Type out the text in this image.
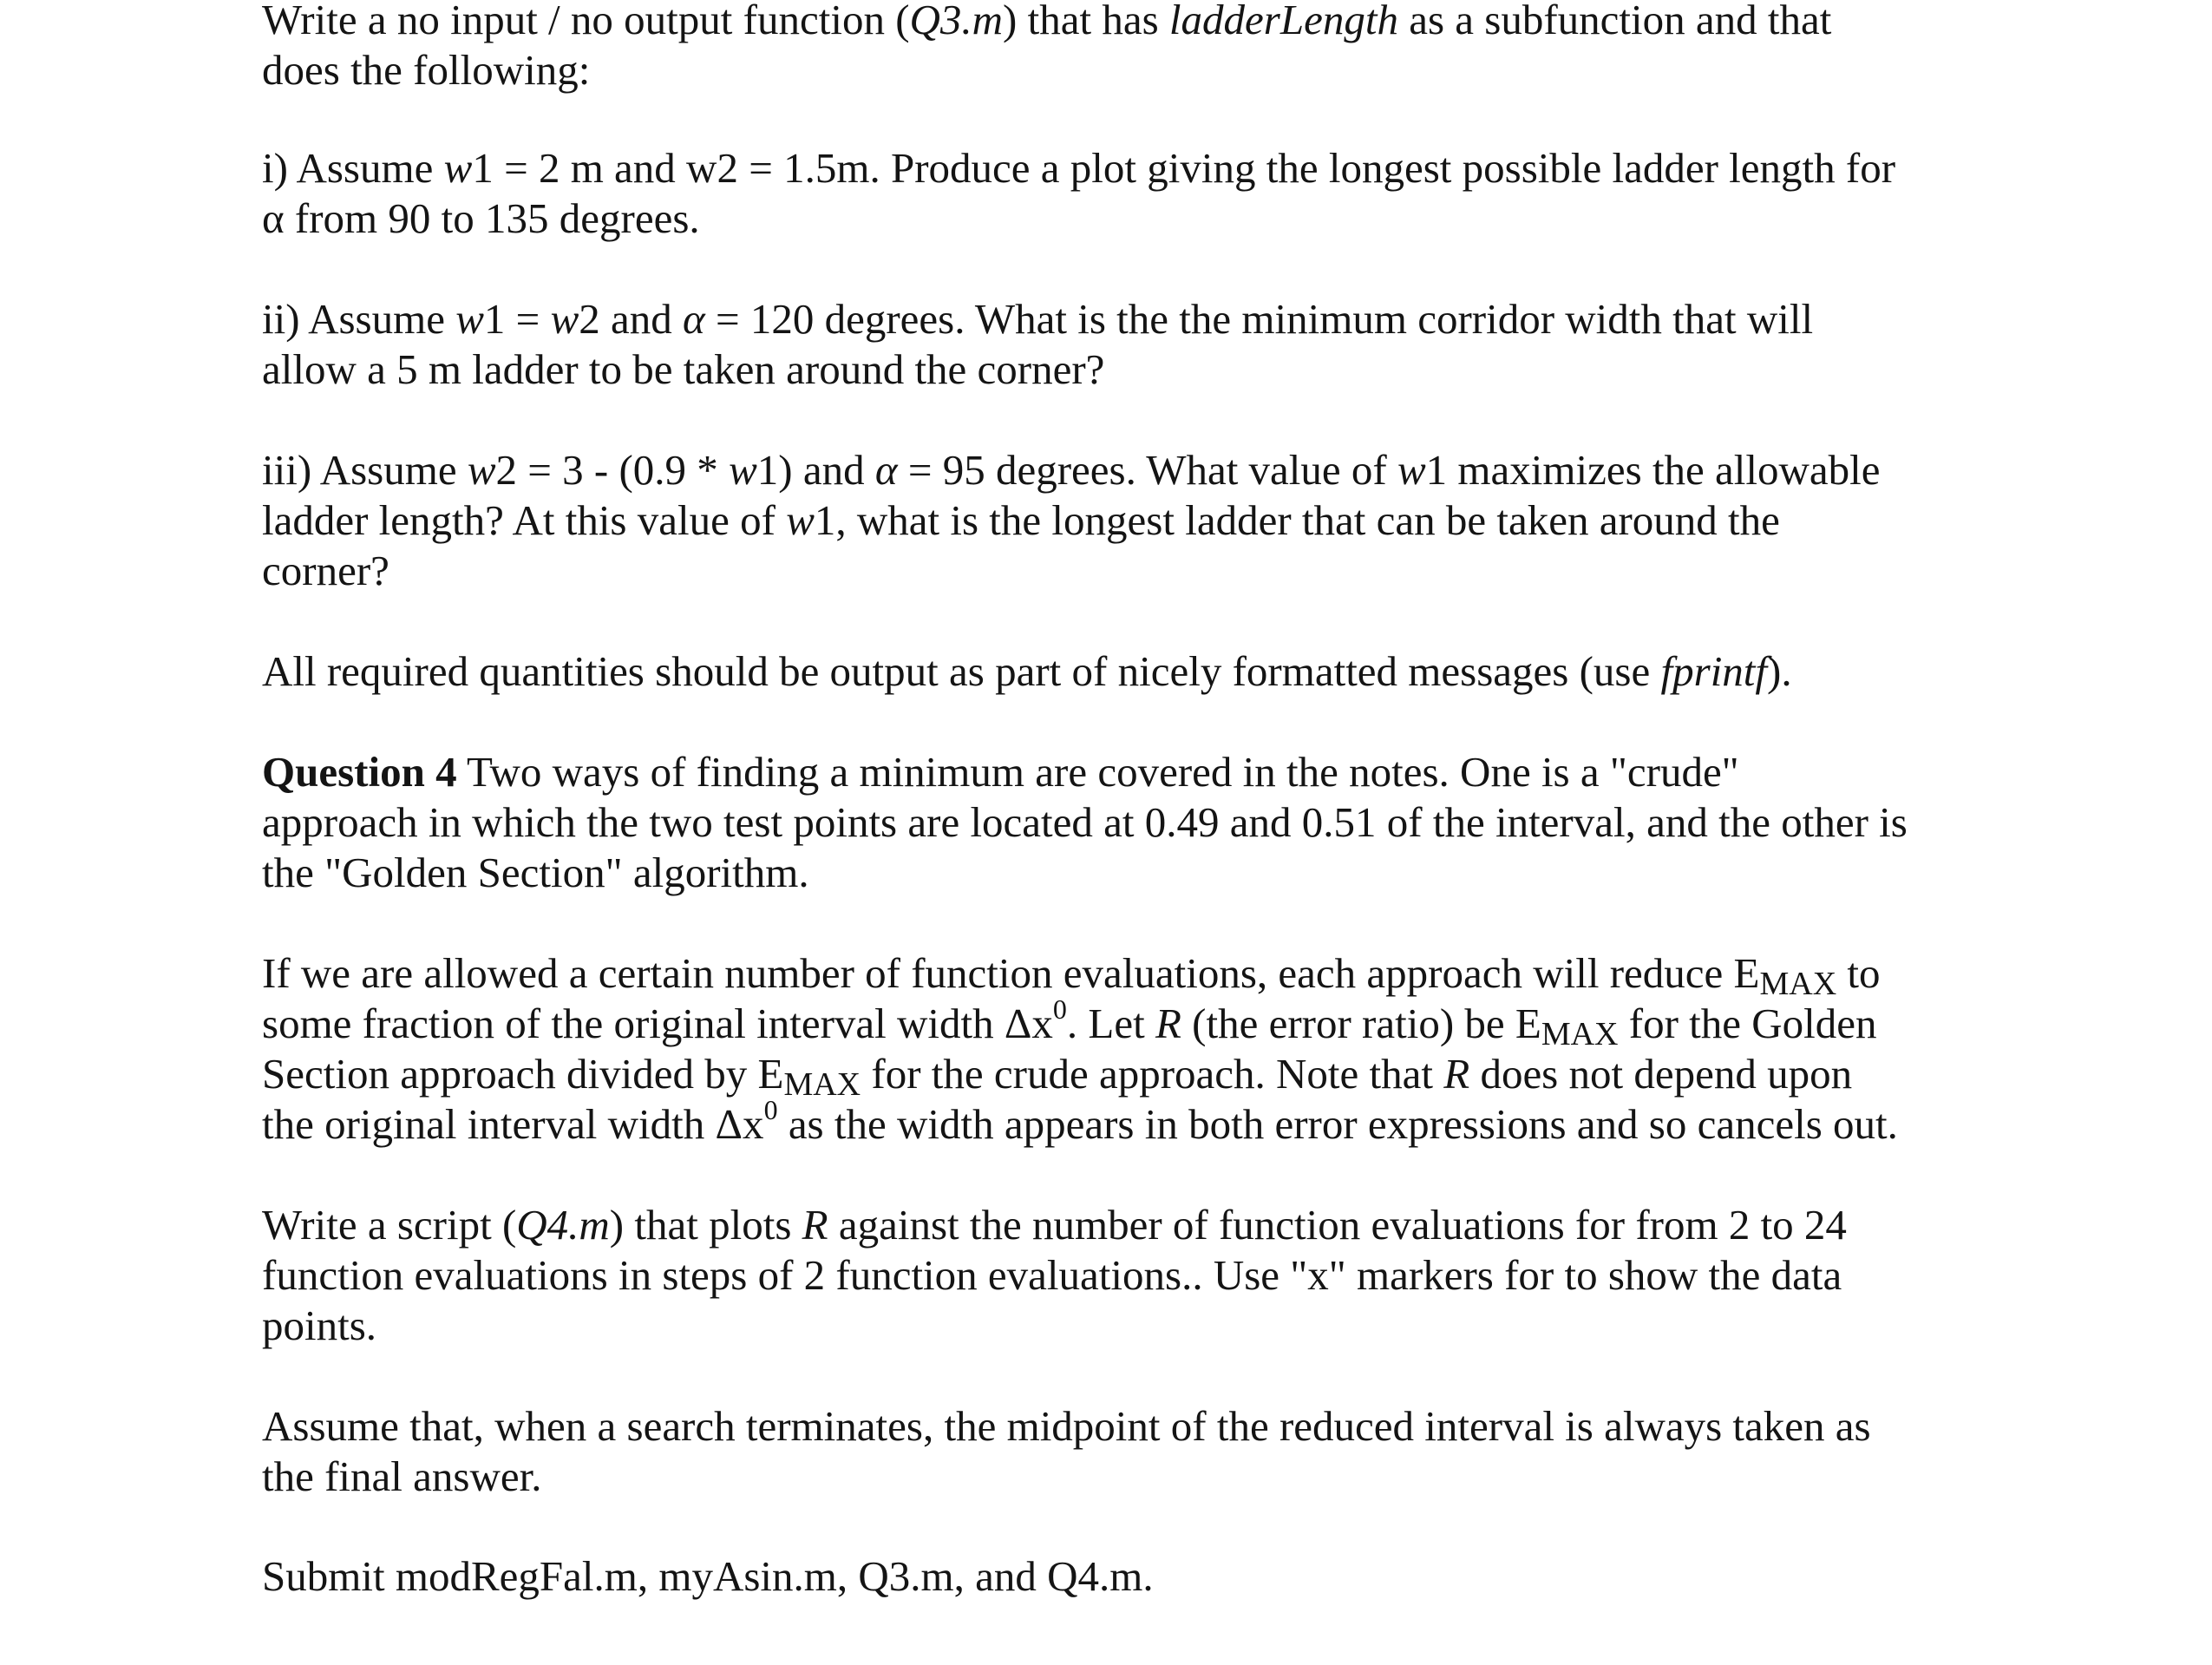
Write a no input / no output function (Q3.m) that has ladderLength as a subfunction and that
does the following:

i) Assume w1 = 2 m and w2 = 1.5m. Produce a plot giving the longest possible ladder length for
α from 90 to 135 degrees.

ii) Assume w1 = w2 and α = 120 degrees. What is the the minimum corridor width that will
allow a 5 m ladder to be taken around the corner?

iii) Assume w2 = 3 - (0.9 * w1) and α = 95 degrees. What value of w1 maximizes the allowable
ladder length? At this value of w1, what is the longest ladder that can be taken around the
corner?

All required quantities should be output as part of nicely formatted messages (use fprintf).

Question 4 Two ways of finding a minimum are covered in the notes. One is a "crude"
approach in which the two test points are located at 0.49 and 0.51 of the interval, and the other is
the "Golden Section" algorithm.

If we are allowed a certain number of function evaluations, each approach will reduce EMAX to
some fraction of the original interval width $\Delta x^0$. Let R (the error ratio) be EMAX for the Golden
Section approach divided by EMAX for the crude approach. Note that R does not depend upon
the original interval width $\Delta x^0$ as the width appears in both error expressions and so cancels out.

Write a script (Q4.m) that plots R against the number of function evaluations for from 2 to 24
function evaluations in steps of 2 function evaluations.. Use "x" markers for to show the data
points.

Assume that, when a search terminates, the midpoint of the reduced interval is always taken as
the final answer.

Submit modRegFal.m, myAsin.m, Q3.m, and Q4.m.
